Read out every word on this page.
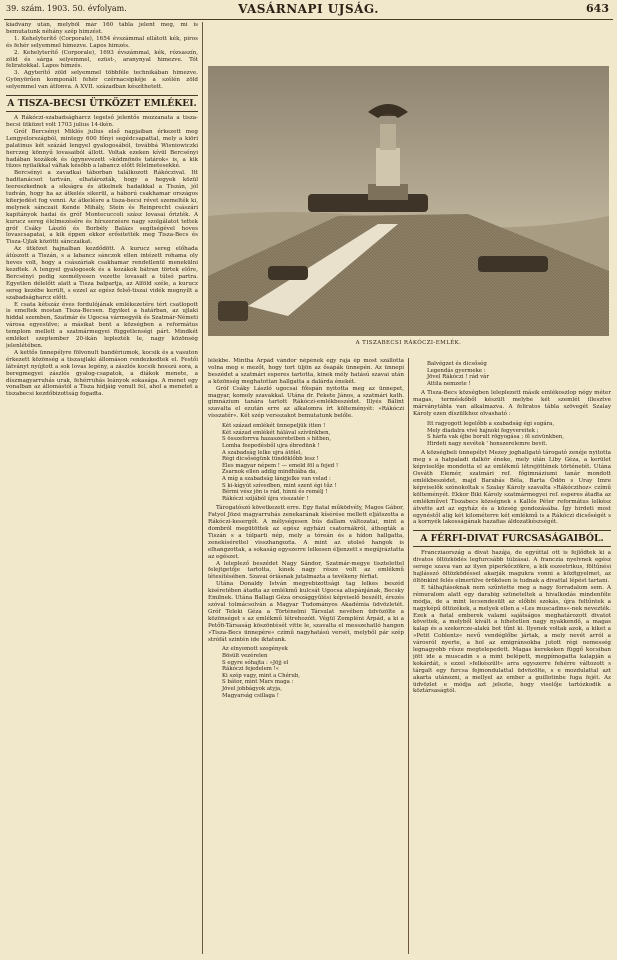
39. szám. 1903. 50. évfolyam.	VASÁRNAPI UJSÁG.	643

kiadvány után, melyből már 160 tábla jelent meg, mi is bemutatunk néhány szép himzést.

1. Kehelyterítő (Corporale), 1654 évszámmal ellátott kék, piros és fehér selyemmel himezve. Lapos himzés.

2. Kehelyterítő (Corporale), 1693 évszámmal, kék, rózsaszín, zöld és sárga selyemmel, ezüst-, aranynyal himezve. Tót feliratokkal. Lapos himzés.

3. Agyterítő zöld selyemmel többféle technikában himezve. Gyönyörűen komponált fehér czérnacsipkéje a szélén zöld selyemmel van átfonva. A XVII. században készíthetett.

A TISZA-BECSI ÜTKÖZET EMLÉKEI.

A Rákóczi-szabadságharcz legelső jelentős mozzanata a tisza-becsi ütközet volt 1703 julius 14-ikén.

Gróf Bercsényi Miklós julius első napjaiban érkezett meg Lengyelországból, mintegy 600 főnyi segédcsapattal, mely a kiöri palatinus két százád lengyel gyalogosából, továbbá Wisniowiczki herczeg könnyű lovasaiból állott. Voltak ezeken kívül Bercsényi hadában kozákok és úgynevezett »kódmönös tatárok« is, a kik tüzes nyilaikkal váltak később a labancz előtt félelmetesekké.

Bercsényi a zavadkai táborban találkozott Rákóczival. Itt haditanácsot tartván, elhatározták, hogy a hegyek közül leereszkednek a síkságra és átkelnek hadaikkal a Tiszán, jól tudván, hogy ha az átkelés sikerül, a háború csakhamar országos kiterjedést fog venni. Az átkelésre a tisza-becsi révet szemelték ki, melynek sánczait Kende Mihály, Stein és Reinprecht császári kapitányok hadai és gróf Montecuccoli szász lovasai őrizték. A kurucz sereg élelmezésére és hírszerzésre nagy szolgálatot tettek gróf Csáky László és Borbély Balázs segítségével hoves lovascsapatai, a kik éppen ekkor erősítették meg Tisza-Becs és Tisza-Újlak közötti sánczaikat.

Az ütközet hajnalban kezdődött. A kurucz sereg előhada átúszott a Tiszán, s a labancz sánczok ellen intézett rohama oly heves volt, hogy a császáriak csakhamar rendetlenül menekülni kezdtek. A lengyel gyalogosok és a kozákok bátran törtek előre, Bercsényi pedig személyesen vezette lovasait a túlsó partra. Egyetlen délelőtt alatt a Tisza balpartja, az Alföld széle, a kurucz sereg kezébe került, s ezzel az egész felső-tiszai vidék megnyílt a szabadságharcz előtt.

E csata kétszáz éves fordulójának emlékezetére tért csatlopott is emeltek mostan Tisza-Becsen. Egyiket a határban, az ujlaki hiddal szemben, Szatmár és Ugocsa vármegyék és Szatmár-Németi városa egyesülve; a másikat bent a községben a református templom mellett a szatmármegyei függetlenségi párt. Mindkét emléket szeptember 20-ikán leplezték le, nagy közönség jelenlétében.

A kettős ünnepélyre fölvonult bandériumok, kocsik és a vasuton érkezett közönség a tiszaujlaki állomáson rendezkedtek el. Festői látványt nyújtott a sok lovas legény, a zászlós kocsik hosszú sora, a beregmegyei zászlós gyalog-csapatok, a diákok menete, a díszmagyarruhás urak, fehérruhás leányok sokasága. A menet egy vonalban az állomástól a Tisza hídjáig vonult fel, ahol a menetet a tiszabecsi kezdőbizottság fogadta.

A TISZABECSI RÁKÓCZI-EMLÉK.

lélekbe. Mintha Árpád vándor népének egy raja ép most szállotta volna meg e mezőt, hogy tort üljön az ősapák ünnepén. Az ünnepi beszédet a szatmári esperes tartotta, kinek mély hatású szavai után a közönség meghatottan hallgatta a dalárda énekét.

Gróf Csáky László ugocsai főispán nyitotta meg az ünnepet, magyar, komoly szavakkal. Utána dr. Fekete János, a szatmári kath. gimnázium tanára tartott Rákóczi-emlékbeszédet. Illyés Bálint szavalta el ezután erre az alkalomra írt költeményét: »Rákóczi visszatér«. Két szép versszakot bemutatunk belőle.

Két század emlékét ünnepeljük itten !
Két század emlékét hálával szívünkben,
S összeforrva hazaszeretetben s hitben,
Lomha feepedésből ujra ébredünk !
A szabadság lelke ujra átölel,
Régi dicsőségünk tündöklőbb lesz !
Éles magyar népem ! — emeld föl a fejed !
Zsarnok ellen addig mindhiába da,
A míg a szabadság lángjelke van velad :
S ki-kígyút szívedben, mint szent égi tűz !
Bérmi vész jön is rád, hinni és remélj !
Rákóczi szíjából újra visszatér !

Tárogatószó következett erre. Egy fiatal működvély, Magos Gábor, Fatyol Jözsi magyarruhás zenekarának kísérése mellett eljátszotta a Rákóczi-kesergőt. A mélységesen bús dallam változatai, mint a dombról megütöttek az egész egyházi csatornákról, áthogták a Tiszán s a túlparti nép, mely a tóreán és a hídon hallgatta, zenekísérettel visszhangozta. A mint az utolsó hangok is elhangzottak, a sokaság egyszerre lelkesen éljenzett s megújráztatta az egészet.

A leleplező beszédet Nagy Sándor, Szatmár-megye tisztelettel felejtgetője tartotta, kinek nagy része volt az emlékmű létesítésében. Szavai óriásnak jutalmazta a tevékeny férfiat.

Utána Donaldy István megyebizottsági tag lelkes beszéd kiséretében átadta az emlékmű kulcsát Ugocsa alispánjának, Becsky Emilnek. Utána Ballagi Géza országgyűlési képviselő beszélt, érezés szóval tolmácsolván a Magyar Tudományos Akadémia üdvözletét. Gróf Teleki Géza a Történelmi Társulat nevében üdvözölte a közönséget s az emlékmű létrehozóit. Végül Zempléni Árpád, a ki a Petőfi-Társaság köszöntését vitte le, szavalta el messzehatló hangon »Tisza-Becs ünnepére« czímű nagyhatású versét, melyből pár szép strófát szintén ide iktatunk.

Az elnyomott szegények
Bösült vezérelen
S egyre sóhajta : »Jöjj el
Rákóczi fejedelem !«
Ki szép vagy, mint a Chérub,
S bátor, mint Mars maga :
Jövel jobbágyok atyja,
Magyarság csillaga !
Balvégzet és dicsőség
Legendás gyermeke :
Jövel Rákóczi ! rád vár
Attila nemzete !

A Tisza-Becs községben leleplezett másik emlékoszlop négy méter magas, terméskőből készült melybe két szemlét illesztve márványtábla van alkalmazva. A feliratos tábla szövegét Szalay Károly ezen díszülkhoz olvasható :

Itt ragyogott legelőbb a szabadság égi sugára,
Mely diadalra vivé hajnoki fegyvereitek ;
S hárfa vak éjbe borult rögyogása ; öl szivünkben,
Hirdeti nagy nevétek ' honszerelemre bevit.

A községbeli ünnepélyt Mezey joghallgató tárogató zenéje nyitotta meg s a hatpaladi dalkör éneke, mely után Liby Géza, a kerület képviselője mondotta el az emlékmű létrejöttének történetét. Utána Osváth Elemér, szatmári ref. főgimnáziumi tanár mondott emlékbeszédet, majd Barabás Béla, Barta Ödön s Uray Imre képviselők szónokoltak s Szalay Károly szavalta »Rákóczihoz« czímű költeményét. Ekkor Biki Károly szatmármegyei ref. esperes átadta az emlékművet Tiszabecs községnek s Kallós Péter református lelkész átvette azt az egyház és a község gondozásába. Így hirdeti most egynéstől alig két kilométerre két emlékmű is a Rákóczi dicsőségét s a kornyék lakosságának hazafias áldozatkészségét.

A FÉRFI-DIVAT FURCSASÁGAIBÓL.

Francziaország a divat hazája, de egyúttal ott is fejlődtek ki a divatos öltözködés legfurcsább túlzásai. A franczia nyelvnek egész serege szava van az ilyen piperkőczökre, a kik eszeetrikus, föltűnési hajlásszó öltözködéssel akarják magukra vonni a közfigyelmet, az öltönkint felés elmerülve örökösen is tudnak a divattal lépést tartani.

E tálhajtásoknak nem szűntette meg a nagy forradalom sem. A rémuralom alatt egy darabig szüneteltek a hivalkodás mindenféle módja, de a mint lecsendesült az előbbi szokás, újra feltűntek a nagyképű öltözékek, a melyek ellen a »Les muscadins«-nek nevezték. Ezek a fiatal emberek valami sajátságos meghatározott divatot követtek, a melyből kivált a hihetetlen nagy nyakkendő, a magas kalap és a szekercze-alakú bot tűnt ki. Ilyenek voltak azok, a kiket a »Petit Coblentz« nevű vendéglőbe jártak, a mely nevét arról a városról nyerte, a hol az emigránsokba jutott régi nemesség legnagyobb része megtelepedett. Magas kerekeken függő kocsiban jött ide a muscadin s a mint belépett, megpímogatta kalapján a kokárdát, s ezzel »felkészült« arra egyszerre fehérre változott s tárgalt egy furcsa fejmondulattal üdvözölte, s e mozdulattal azt akarta utánozni, a mellyel az ember a guillotinbe fuga fejét. Az üdvözlet e módja azt jelezte, hogy viselője tartózkodik a köztársaságtól.
